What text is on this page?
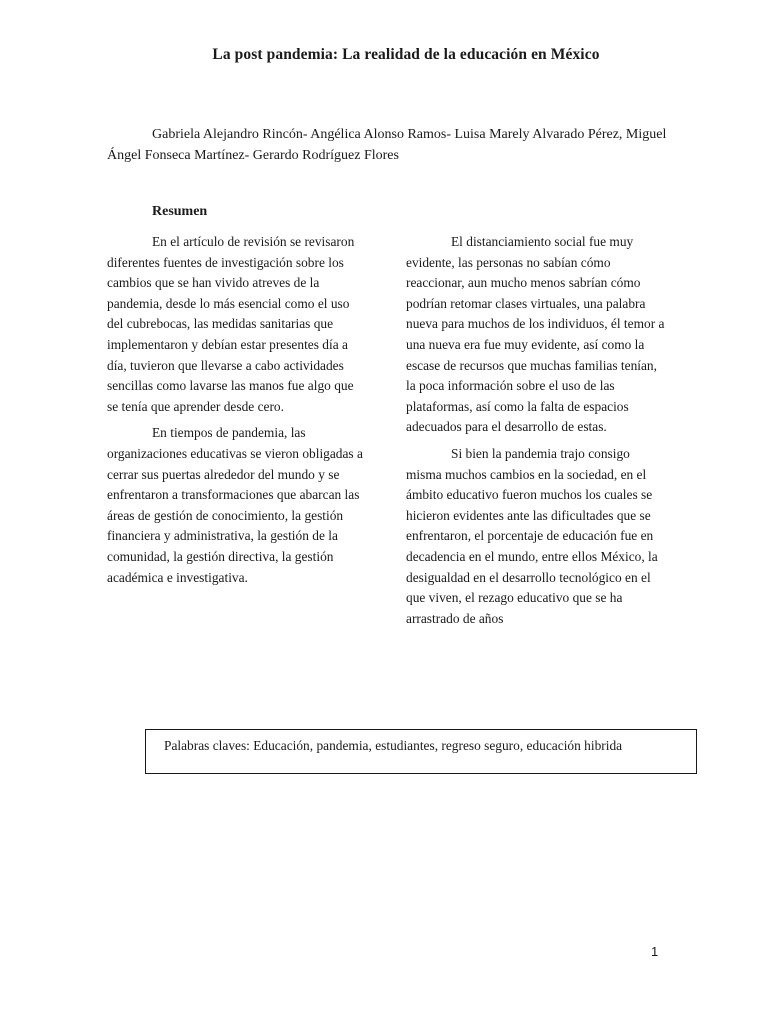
La post pandemia: La realidad de la educación en México
Gabriela Alejandro Rincón- Angélica Alonso Ramos- Luisa Marely Alvarado Pérez, Miguel Ángel Fonseca Martínez- Gerardo Rodríguez Flores
Resumen

En el artículo de revisión se revisaron diferentes fuentes de investigación sobre los cambios que se han vivido atreves de la pandemia, desde lo más esencial como el uso del cubrebocas, las medidas sanitarias que implementaron y debían estar presentes día a día, tuvieron que llevarse a cabo actividades sencillas como lavarse las manos fue algo que se tenía que aprender desde cero.

En tiempos de pandemia, las organizaciones educativas se vieron obligadas a cerrar sus puertas alrededor del mundo y se enfrentaron a transformaciones que abarcan las áreas de gestión de conocimiento, la gestión financiera y administrativa, la gestión de la comunidad, la gestión directiva, la gestión académica e investigativa.

El distanciamiento social fue muy evidente, las personas no sabían cómo reaccionar, aun mucho menos sabrían cómo podrían retomar clases virtuales, una palabra nueva para muchos de los individuos, él temor a una nueva era fue muy evidente, así como la escase de recursos que muchas familias tenían, la poca información sobre el uso de las plataformas, así como la falta de espacios adecuados para el desarrollo de estas.

Si bien la pandemia trajo consigo misma muchos cambios en la sociedad, en el ámbito educativo fueron muchos los cuales se hicieron evidentes ante las dificultades que se enfrentaron, el porcentaje de educación fue en decadencia en el mundo, entre ellos México, la desigualdad en el desarrollo tecnológico en el que viven, el rezago educativo que se ha arrastrado de años

Palabras claves: Educación, pandemia, estudiantes, regreso seguro, educación hibrida
1
